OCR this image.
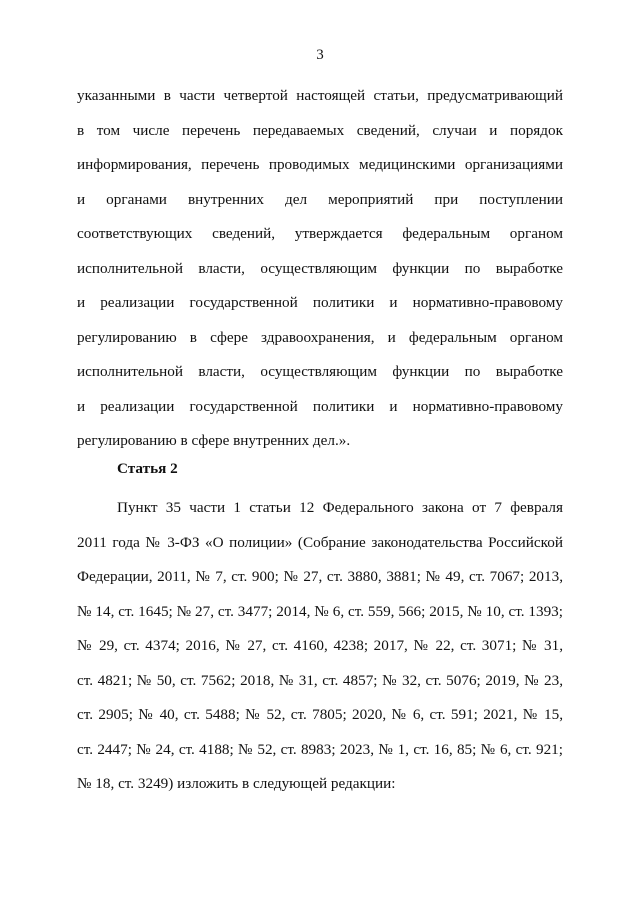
3
указанными в части четвертой настоящей статьи, предусматривающий
в том числе перечень передаваемых сведений, случаи и порядок
информирования, перечень проводимых медицинскими организациями
и органами внутренних дел мероприятий при поступлении
соответствующих сведений, утверждается федеральным органом
исполнительной власти, осуществляющим функции по выработке
и реализации государственной политики и нормативно-правовому
регулированию в сфере здравоохранения, и федеральным органом
исполнительной власти, осуществляющим функции по выработке
и реализации государственной политики и нормативно-правовому
регулированию в сфере внутренних дел.».
Статья 2
Пункт 35 части 1 статьи 12 Федерального закона от 7 февраля
2011 года № 3-ФЗ «О полиции» (Собрание законодательства Российской
Федерации, 2011, № 7, ст. 900; № 27, ст. 3880, 3881; № 49, ст. 7067; 2013,
№ 14, ст. 1645; № 27, ст. 3477; 2014, № 6, ст. 559, 566; 2015, № 10, ст. 1393;
№ 29, ст. 4374; 2016, № 27, ст. 4160, 4238; 2017, № 22, ст. 3071; № 31,
ст. 4821; № 50, ст. 7562; 2018, № 31, ст. 4857; № 32, ст. 5076; 2019, № 23,
ст. 2905; № 40, ст. 5488; № 52, ст. 7805; 2020, № 6, ст. 591; 2021, № 15,
ст. 2447; № 24, ст. 4188; № 52, ст. 8983; 2023, № 1, ст. 16, 85; № 6, ст. 921;
№ 18, ст. 3249) изложить в следующей редакции:
